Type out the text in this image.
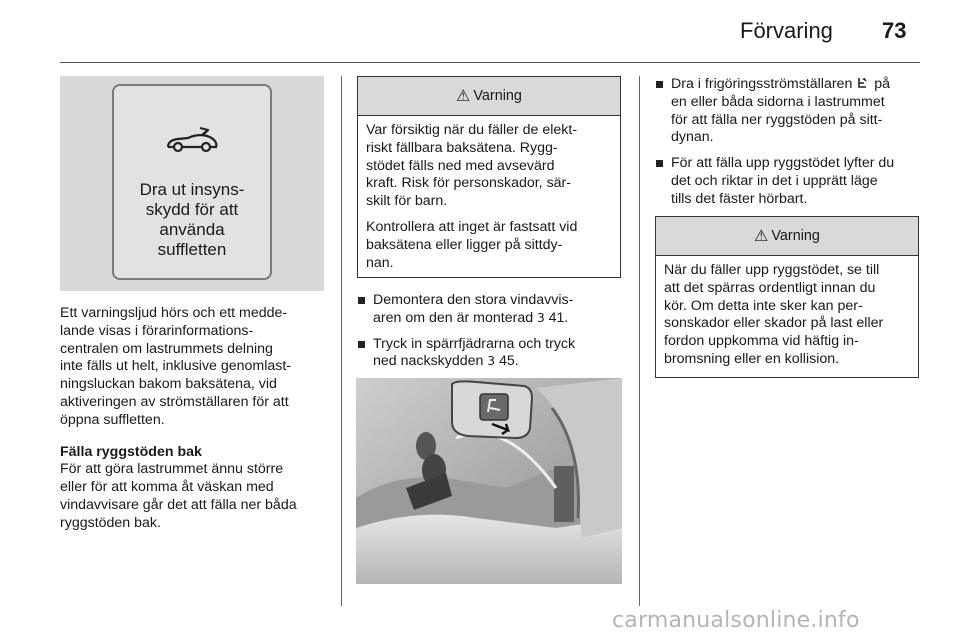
Förvaring 73
Dra ut insyns-
skydd för att
använda
suffletten

Ett varningsljud hörs och ett medde-
lande visas i förarinformations-
centralen om lastrummets delning
inte fälls ut helt, inklusive genomlast-
ningsluckan bakom baksätena, vid
aktiveringen av strömställaren för att
öppna suffletten.

Fälla ryggstöden bak
För att göra lastrummet ännu större
eller för att komma åt väskan med
vindavvisare går det att fälla ner båda
ryggstöden bak.

⚠ Varning

Var försiktig när du fäller de elekt-
riskt fällbara baksätena. Rygg-
stödet fälls ned med avsevärd
kraft. Risk för personskador, sär-
skilt för barn.

Kontrollera att inget är fastsatt vid
baksätena eller ligger på sittdy-
nan.

Demontera den stora vindavvis-
aren om den är monterad 3 41.
Tryck in spärrfjädrarna och tryck
ned nackskydden 3 45.
Dra i frigöringsströmställaren  på
en eller båda sidorna i lastrummet
för att fälla ner ryggstöden på sitt-
dynan.
För att fälla upp ryggstödet lyfter du
det och riktar in det i upprätt läge
tills det fäster hörbart.
⚠ Varning

När du fäller upp ryggstödet, se till
att det spärras ordentligt innan du
kör. Om detta inte sker kan per-
sonskador eller skador på last eller
fordon uppkomma vid häftig in-
bromsning eller en kollision.

carmanualsonline.info
